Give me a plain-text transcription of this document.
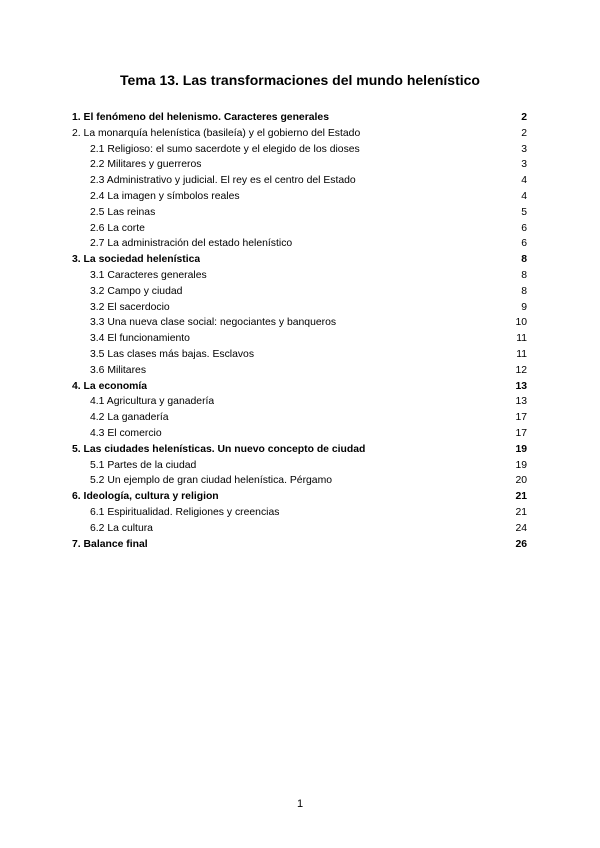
Tema 13. Las transformaciones del mundo helenístico
1. El fenómeno del helenismo. Caracteres generales	2
2. La monarquía helenística (basileía) y el gobierno del Estado	2
2.1 Religioso: el sumo sacerdote y el elegido de los dioses	3
2.2 Militares y guerreros	3
2.3 Administrativo y judicial. El rey es el centro del Estado	4
2.4 La imagen y símbolos reales	4
2.5 Las reinas	5
2.6 La corte	6
2.7 La administración del estado helenístico	6
3. La sociedad helenística	8
3.1 Caracteres generales	8
3.2 Campo y ciudad	8
3.2 El sacerdocio	9
3.3 Una nueva clase social: negociantes y banqueros	10
3.4 El funcionamiento	11
3.5 Las clases más bajas. Esclavos	11
3.6 Militares	12
4. La economía	13
4.1 Agricultura y ganadería	13
4.2 La ganadería	17
4.3 El comercio	17
5. Las ciudades helenísticas. Un nuevo concepto de ciudad	19
5.1 Partes de la ciudad	19
5.2 Un ejemplo de gran ciudad helenística. Pérgamo	20
6. Ideología, cultura y religion	21
6.1 Espiritualidad. Religiones y creencias	21
6.2 La cultura	24
7. Balance final	26
1
